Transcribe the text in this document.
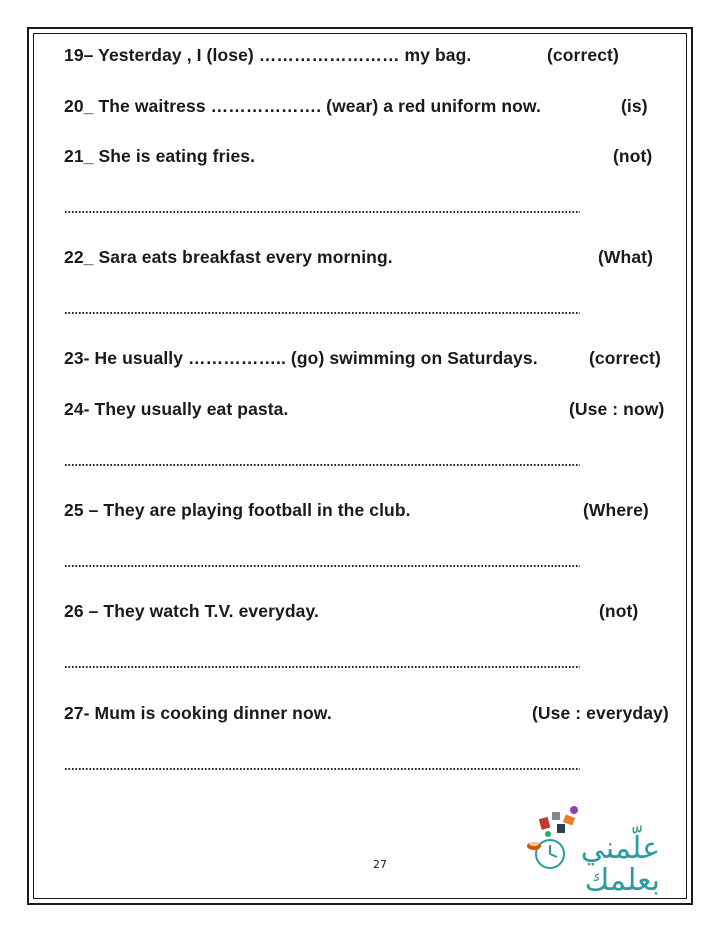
19– Yesterday , I (lose) …………………… my bag.	(correct)
20_ The waitress ………………. (wear) a red uniform now.	(is)
21_ She is eating fries.	(not)
22_ Sara eats breakfast every morning.	(What)
23- He usually …………….. (go) swimming on Saturdays.	(correct)
24- They usually eat pasta.	(Use : now)
25 – They are playing football in the club.	(Where)
26 – They watch T.V. everyday.	(not)
27- Mum is cooking dinner now.	(Use : everyday)
27	علّمني
بعلمك
